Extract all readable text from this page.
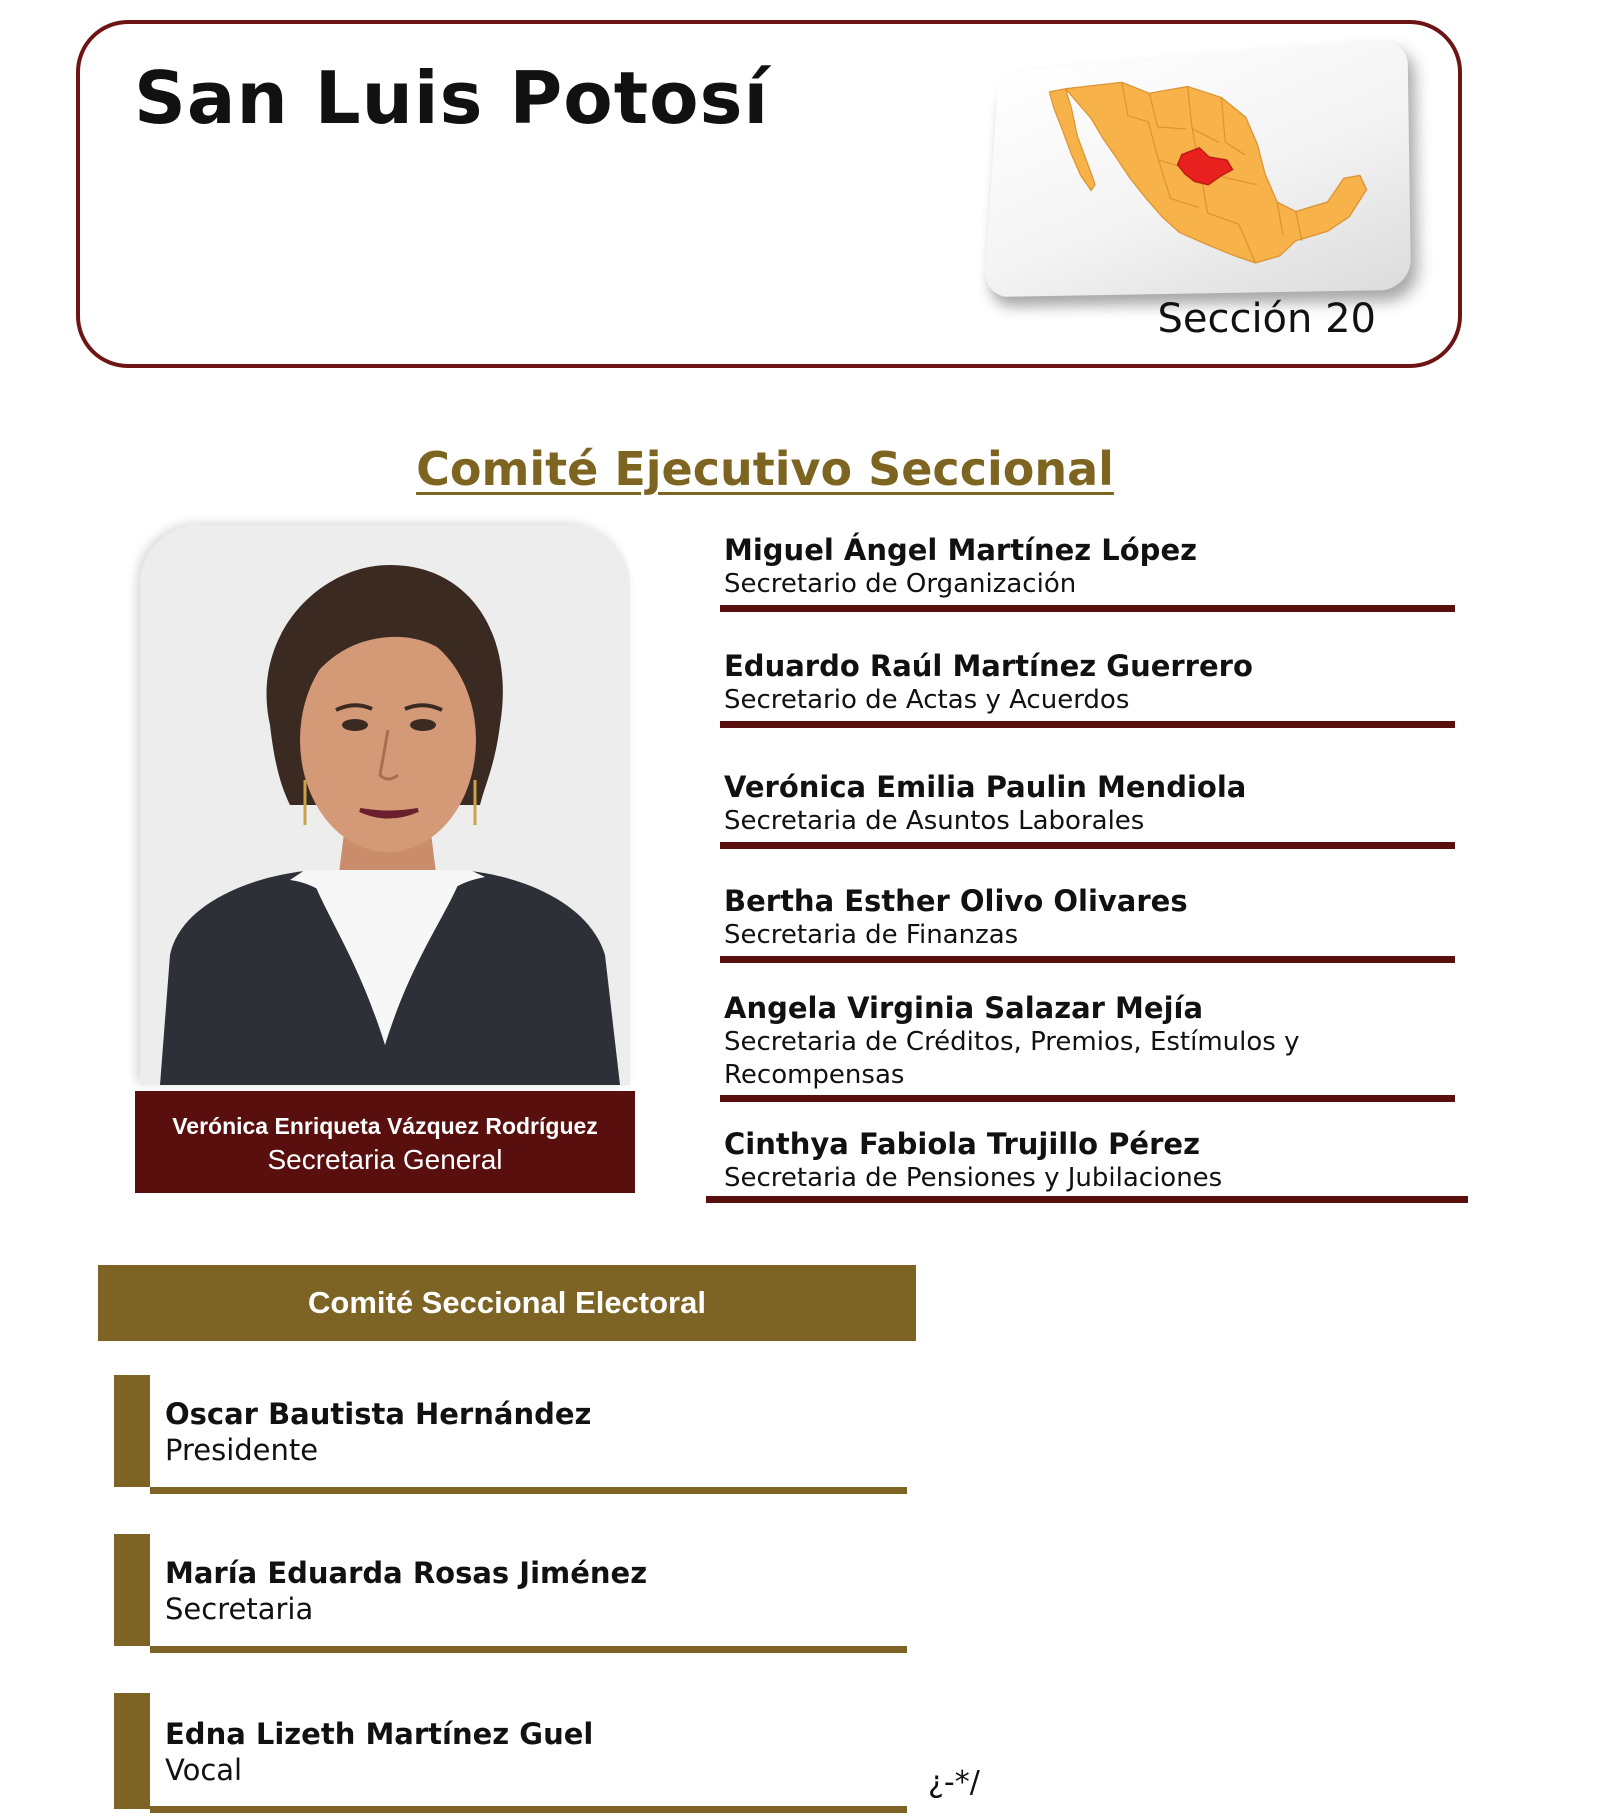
San Luis Potosí
Sección 20
Comité Ejecutivo Seccional
Verónica Enriqueta Vázquez Rodríguez
Secretaria General
Miguel Ángel Martínez López
Secretario de Organización
Eduardo Raúl Martínez Guerrero
Secretario de Actas y Acuerdos
Verónica Emilia Paulin Mendiola
Secretaria de Asuntos Laborales
Bertha Esther Olivo Olivares
Secretaria de Finanzas
Angela Virginia Salazar Mejía
Secretaria de Créditos, Premios, Estímulos y Recompensas
Cinthya Fabiola Trujillo Pérez
Secretaria de Pensiones y Jubilaciones
Comité Seccional Electoral
Oscar Bautista Hernández
Presidente
María Eduarda Rosas Jiménez
Secretaria
Edna Lizeth Martínez Guel
Vocal	¿-*/
